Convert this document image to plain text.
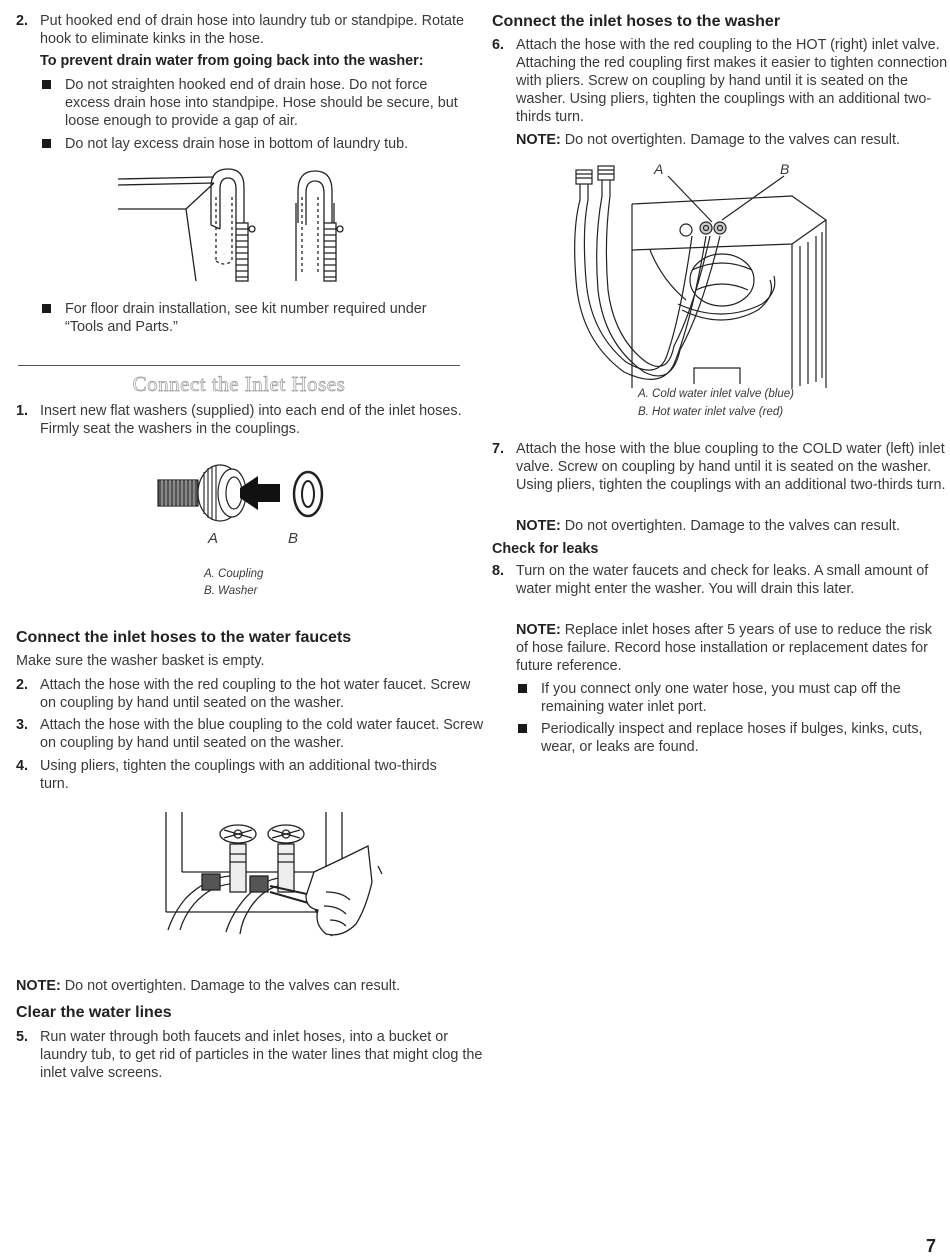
2. Put hooked end of drain hose into laundry tub or standpipe. Rotate hook to eliminate kinks in the hose.
To prevent drain water from going back into the washer:
Do not straighten hooked end of drain hose. Do not force excess drain hose into standpipe. Hose should be secure, but loose enough to provide a gap of air.
Do not lay excess drain hose in bottom of laundry tub.
For floor drain installation, see kit number required under “Tools and Parts.”
Connect the Inlet Hoses
1. Insert new flat washers (supplied) into each end of the inlet hoses. Firmly seat the washers in the couplings.
A	B
A. Coupling
B. Washer
Connect the inlet hoses to the water faucets
Make sure the washer basket is empty.
2. Attach the hose with the red coupling to the hot water faucet. Screw on coupling by hand until seated on the washer.
3. Attach the hose with the blue coupling to the cold water faucet. Screw on coupling by hand until seated on the washer.
4. Using pliers, tighten the couplings with an additional two-thirds turn.
NOTE: Do not overtighten. Damage to the valves can result.
Clear the water lines
5. Run water through both faucets and inlet hoses, into a bucket or laundry tub, to get rid of particles in the water lines that might clog the inlet valve screens.
Connect the inlet hoses to the washer
6. Attach the hose with the red coupling to the HOT (right) inlet valve. Attaching the red coupling first makes it easier to tighten connection with pliers. Screw on coupling by hand until it is seated on the washer. Using pliers, tighten the couplings with an additional two-thirds turn.
NOTE: Do not overtighten. Damage to the valves can result.
A	B
A. Cold water inlet valve (blue)
B. Hot water inlet valve (red)
7. Attach the hose with the blue coupling to the COLD water (left) inlet valve. Screw on coupling by hand until it is seated on the washer. Using pliers, tighten the couplings with an additional two-thirds turn.
NOTE: Do not overtighten. Damage to the valves can result.
Check for leaks
8. Turn on the water faucets and check for leaks. A small amount of water might enter the washer. You will drain this later.
NOTE: Replace inlet hoses after 5 years of use to reduce the risk of hose failure. Record hose installation or replacement dates for future reference.
If you connect only one water hose, you must cap off the remaining water inlet port.
Periodically inspect and replace hoses if bulges, kinks, cuts, wear, or leaks are found.
7
